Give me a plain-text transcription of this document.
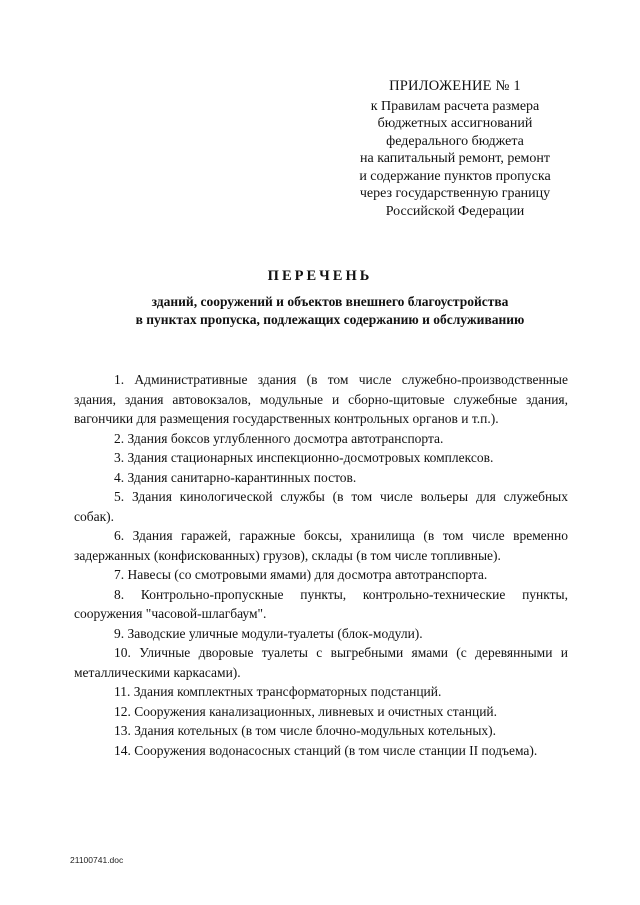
ПРИЛОЖЕНИЕ № 1
к Правилам расчета размера
бюджетных ассигнований
федерального бюджета
на капитальный ремонт, ремонт
и содержание пунктов пропуска
через государственную границу
Российской Федерации
ПЕРЕЧЕНЬ
зданий, сооружений и объектов внешнего благоустройства
в пунктах пропуска, подлежащих содержанию и обслуживанию

1. Административные здания (в том числе служебно-производственные здания, здания автовокзалов, модульные и сборно-щитовые служебные здания, вагончики для размещения государственных контрольных органов и т.п.).

2. Здания боксов углубленного досмотра автотранспорта.

3. Здания стационарных инспекционно-досмотровых комплексов.

4. Здания санитарно-карантинных постов.

5. Здания кинологической службы (в том числе вольеры для служебных собак).

6. Здания гаражей, гаражные боксы, хранилища (в том числе временно задержанных (конфискованных) грузов), склады (в том числе топливные).

7. Навесы (со смотровыми ямами) для досмотра автотранспорта.

8. Контрольно-пропускные пункты, контрольно-технические пункты, сооружения "часовой-шлагбаум".

9. Заводские уличные модули-туалеты (блок-модули).

10. Уличные дворовые туалеты с выгребными ямами (с деревянными и металлическими каркасами).

11. Здания комплектных трансформаторных подстанций.

12. Сооружения канализационных, ливневых и очистных станций.

13. Здания котельных (в том числе блочно-модульных котельных).

14. Сооружения водонасосных станций (в том числе станции II подъема).

21100741.doc
